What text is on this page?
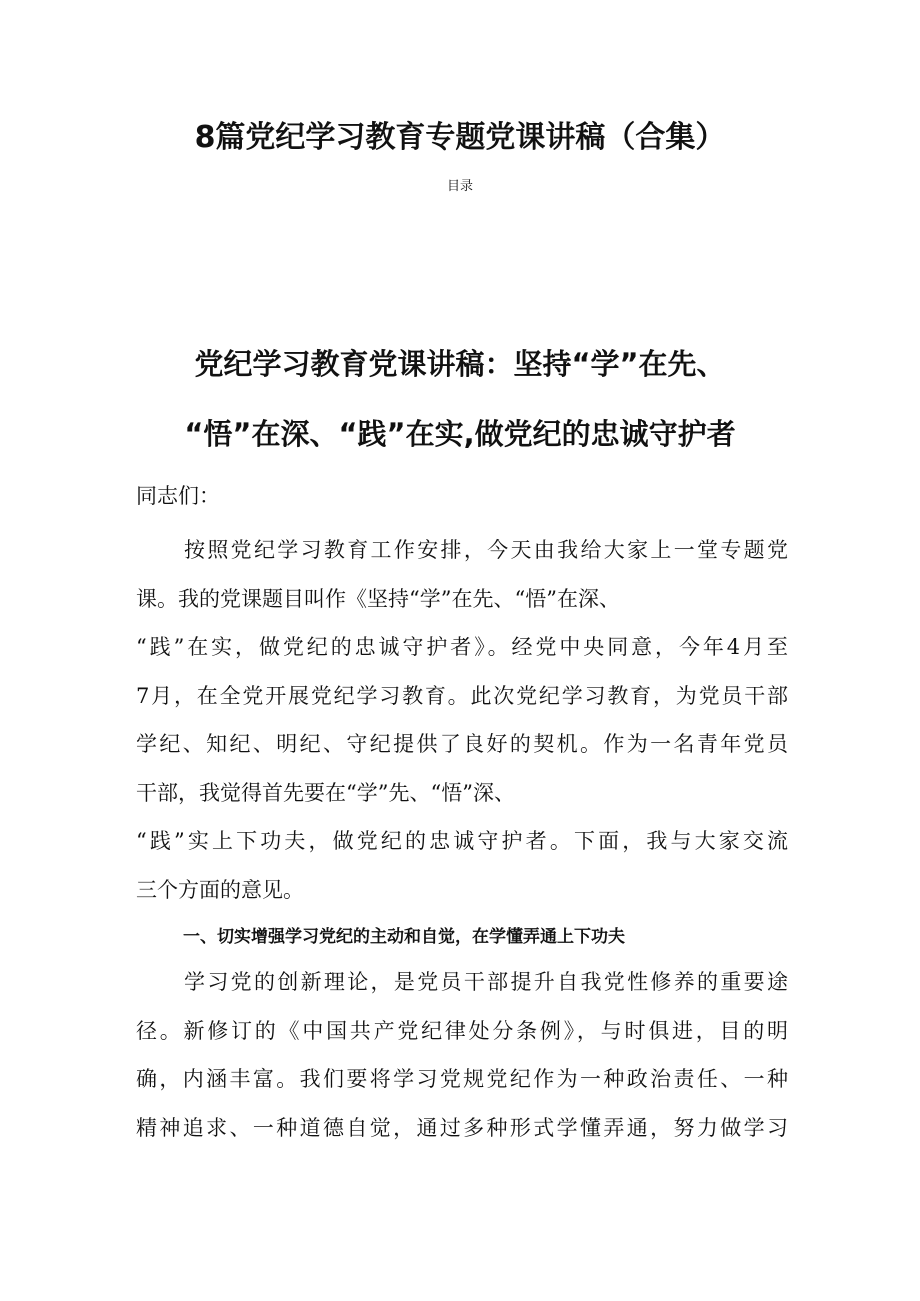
8篇党纪学习教育专题党课讲稿（合集）
目录
党纪学习教育党课讲稿：坚持“学”在先、
“悟”在深、“践”在实,做党纪的忠诚守护者

同志们：

按照党纪学习教育工作安排，今天由我给大家上一堂专题党
课。我的党课题目叫作《坚持“学”在先、“悟”在深、
“践”在实，做党纪的忠诚守护者》。经党中央同意，今年4月至
7月，在全党开展党纪学习教育。此次党纪学习教育，为党员干部
学纪、知纪、明纪、守纪提供了良好的契机。作为一名青年党员
干部，我觉得首先要在“学”先、“悟”深、
“践”实上下功夫，做党纪的忠诚守护者。下面，我与大家交流
三个方面的意见。
一、切实增强学习党纪的主动和自觉，在学懂弄通上下功夫
学习党的创新理论，是党员干部提升自我党性修养的重要途
径。新修订的《中国共产党纪律处分条例》，与时俱进，目的明
确，内涵丰富。我们要将学习党规党纪作为一种政治责任、一种
精神追求、一种道德自觉，通过多种形式学懂弄通，努力做学习
